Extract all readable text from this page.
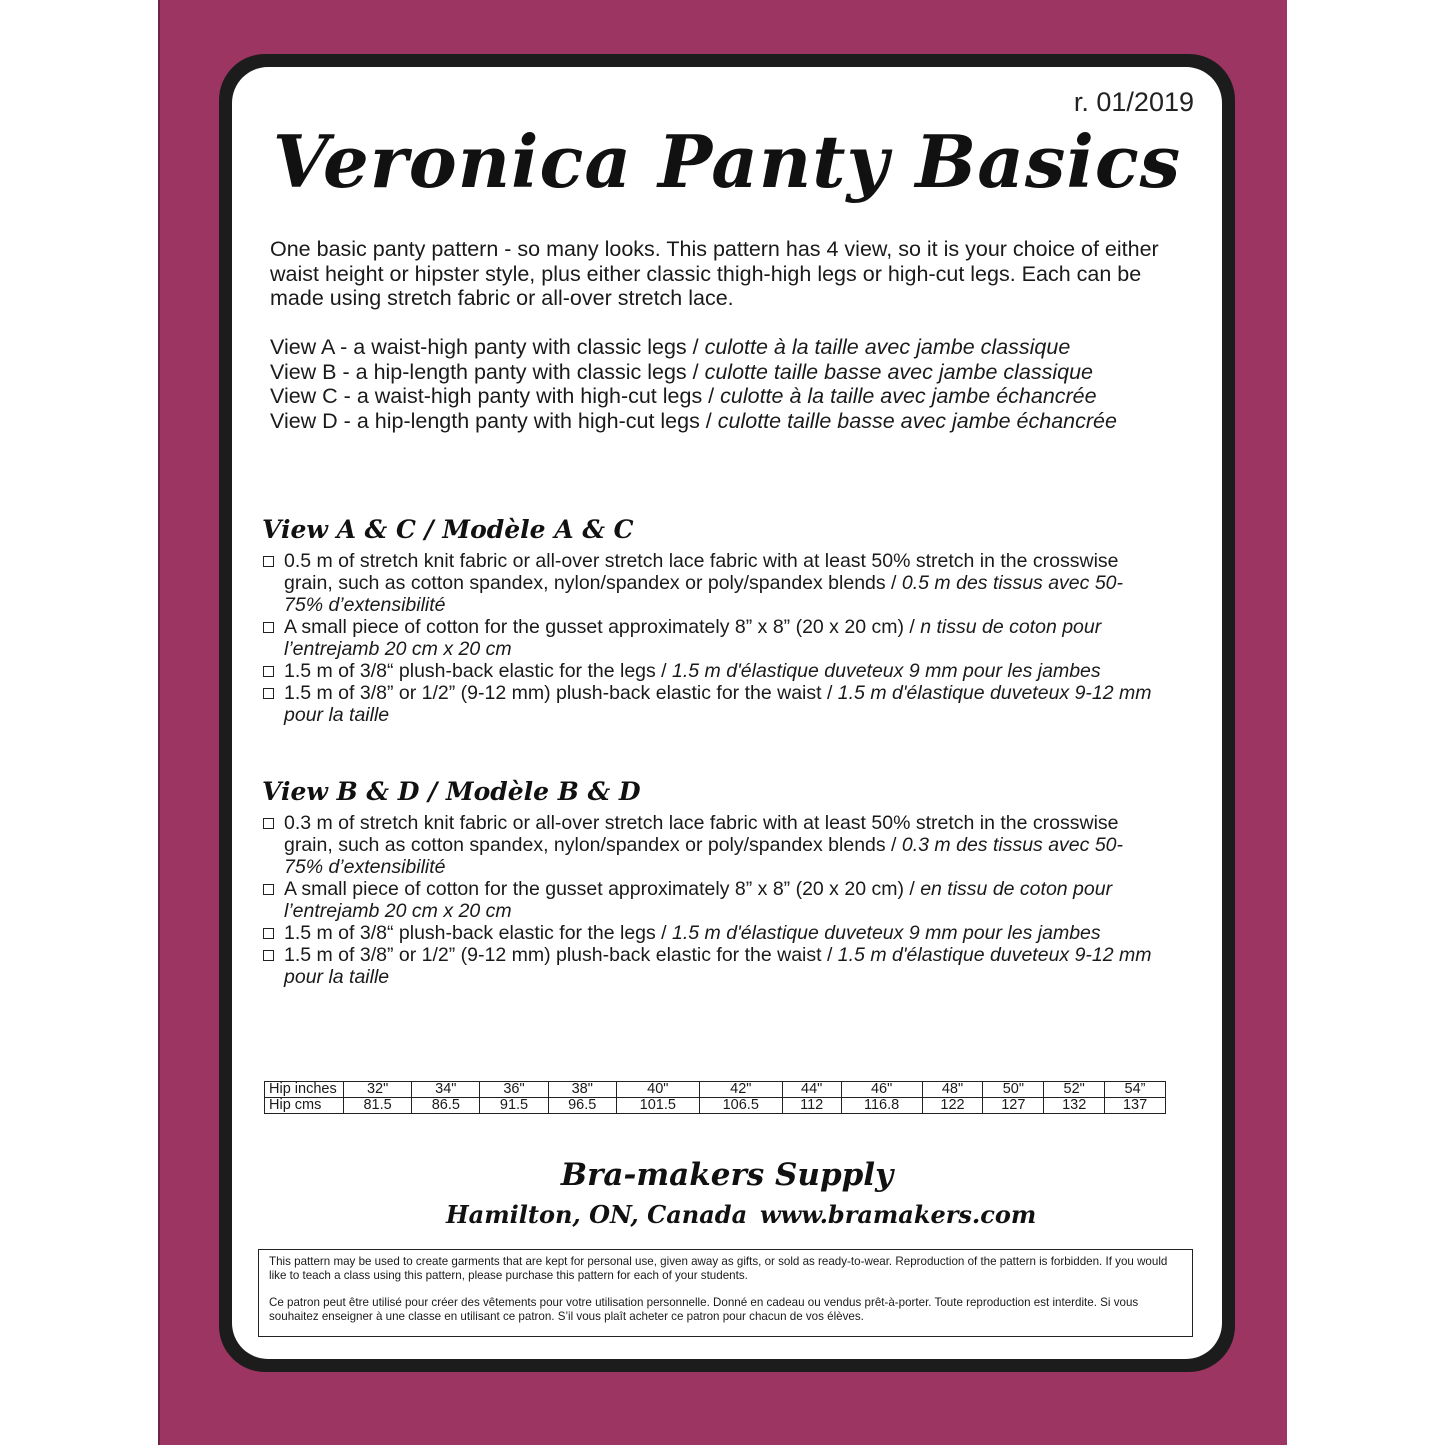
r. 01/2019
Veronica Panty Basics

One basic panty pattern - so many looks. This pattern has 4 view, so it is your choice of either waist height or hipster style, plus either classic thigh-high legs or high-cut legs. Each can be made using stretch fabric or all-over stretch lace.

View A - a waist-high panty with classic legs / culotte à la taille avec jambe classique
View B - a hip-length panty with classic legs / culotte taille basse avec jambe classique
View C - a waist-high panty with high-cut legs / culotte à la taille avec jambe échancrée
View D - a hip-length panty with high-cut legs / culotte taille basse avec jambe échancrée
View A & C / Modèle A & C
0.5 m of stretch knit fabric or all-over stretch lace fabric with at least 50% stretch in the crosswise grain, such as cotton spandex, nylon/spandex or poly/spandex blends / 0.5 m des tissus avec 50-75% d’extensibilité
A small piece of cotton for the gusset approximately 8” x 8” (20 x 20 cm) / n tissu de coton pour l’entrejamb 20 cm x 20 cm
1.5 m of 3/8“ plush-back elastic for the legs / 1.5 m d'élastique duveteux 9 mm pour les jambes
1.5 m of 3/8” or 1/2” (9-12 mm) plush-back elastic for the waist / 1.5 m d'élastique duveteux 9-12 mm pour la taille
View B & D / Modèle B & D
0.3 m of stretch knit fabric or all-over stretch lace fabric with at least 50% stretch in the crosswise grain, such as cotton spandex, nylon/spandex or poly/spandex blends / 0.3 m des tissus avec 50-75% d’extensibilité
A small piece of cotton for the gusset approximately 8” x 8” (20 x 20 cm) / en tissu de coton pour l’entrejamb 20 cm x 20 cm
1.5 m of 3/8“ plush-back elastic for the legs / 1.5 m d'élastique duveteux 9 mm pour les jambes
1.5 m of 3/8” or 1/2” (9-12 mm) plush-back elastic for the waist / 1.5 m d'élastique duveteux 9-12 mm pour la taille
Hip inches	32"	34"	36"	38"	40"	42"	44"	46"	48"	50"	52"	54”
Hip cms	81.5	86.5	91.5	96.5	101.5	106.5	112	116.8	122	127	132	137
Bra-makers Supply
Hamilton, ON, Canada www.bramakers.com

This pattern may be used to create garments that are kept for personal use, given away as gifts, or sold as ready-to-wear. Reproduction of the pattern is forbidden. If you would like to teach a class using this pattern, please purchase this pattern for each of your students.

Ce patron peut être utilisé pour créer des vêtements pour votre utilisation personnelle. Donné en cadeau ou vendus prêt-à-porter. Toute reproduction est interdite. Si vous souhaitez enseigner à une classe en utilisant ce patron. S’il vous plaît acheter ce patron pour chacun de vos élèves.
